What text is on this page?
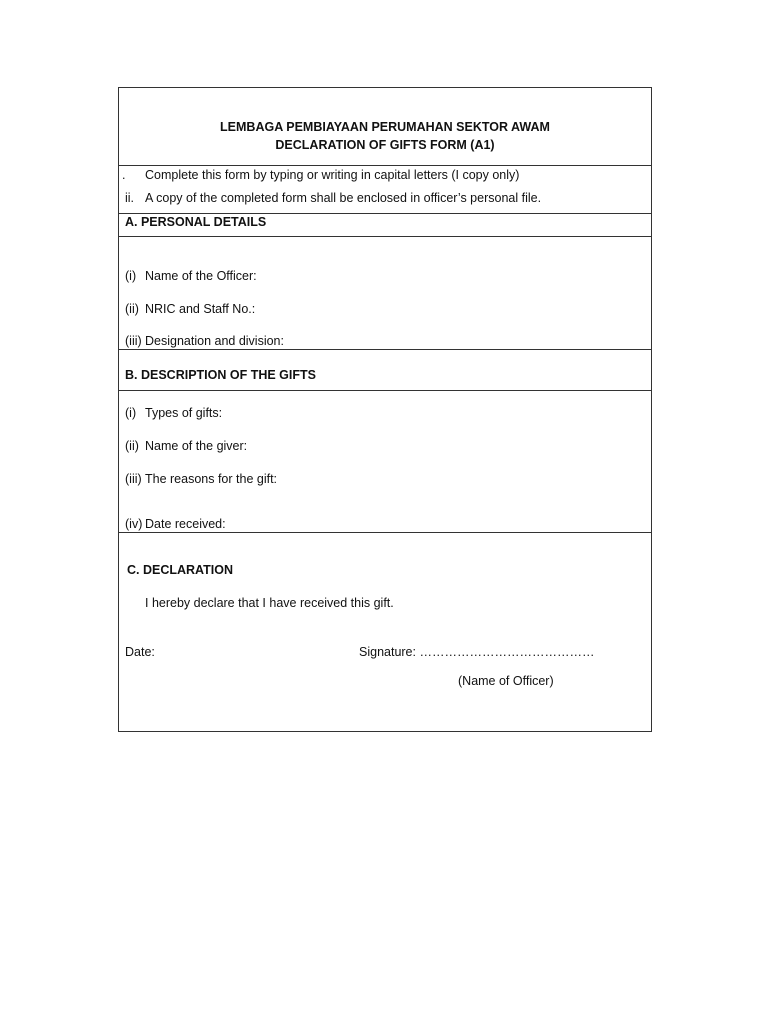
LEMBAGA PEMBIAYAAN PERUMAHAN SEKTOR AWAM
DECLARATION OF GIFTS FORM (A1)
. Complete this form by typing or writing in capital letters (I copy only)
ii. A copy of the completed form shall be enclosed in officer’s personal file.
A. PERSONAL DETAILS
(i) Name of the Officer:
(ii) NRIC and Staff No.:
(iii) Designation and division:
B. DESCRIPTION OF THE GIFTS
(i) Types of gifts:
(ii) Name of the giver:
(iii) The reasons for the gift:
(iv) Date received:
C. DECLARATION
I hereby declare that I have received this gift.
Date:	Signature: ……………………………………
(Name of Officer)
